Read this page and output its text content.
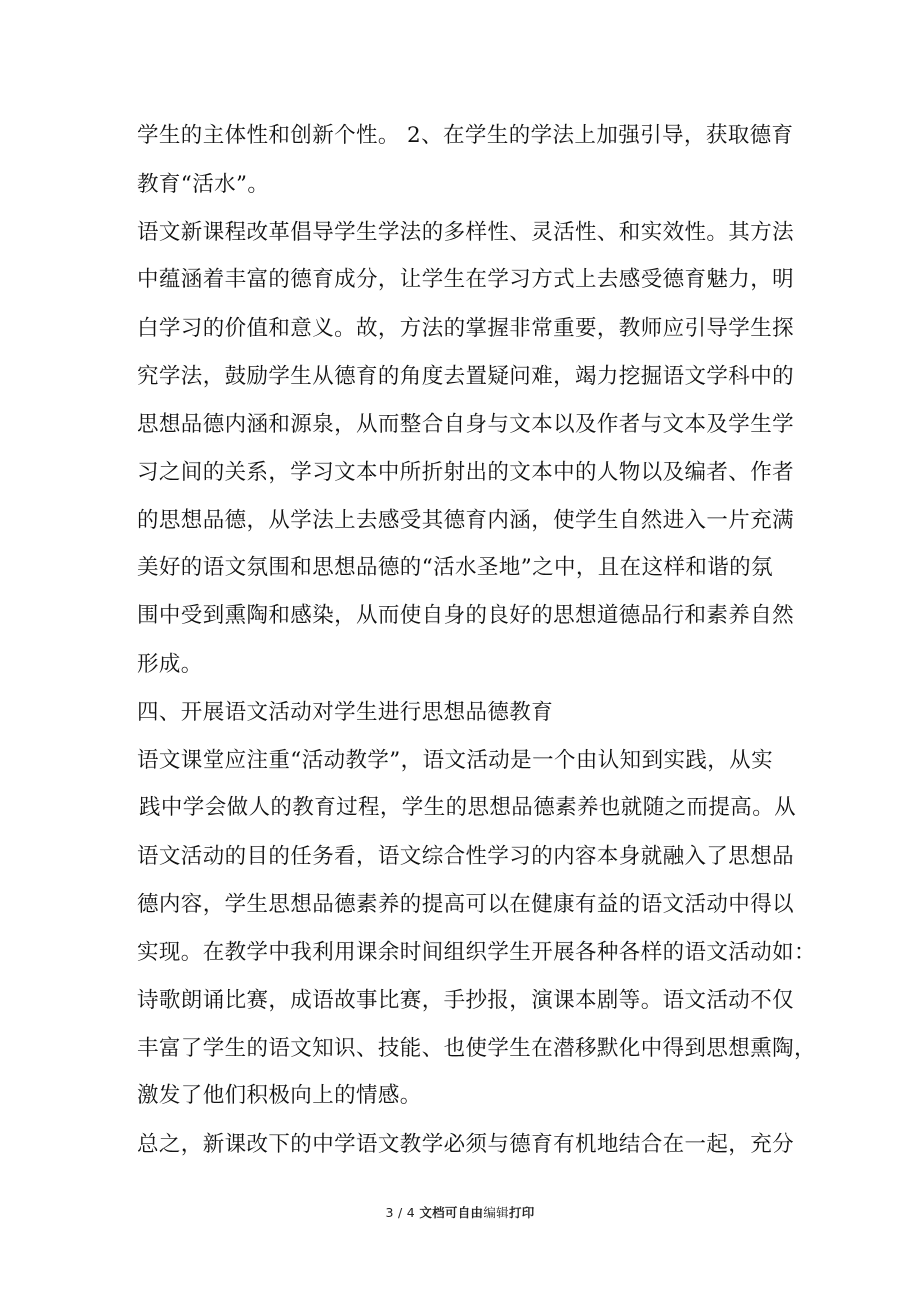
学生的主体性和创新个性。 2、在学生的学法上加强引导，获取德育
教育“活水”。
语文新课程改革倡导学生学法的多样性、灵活性、和实效性。其方法
中蕴涵着丰富的德育成分，让学生在学习方式上去感受德育魅力，明
白学习的价值和意义。故，方法的掌握非常重要，教师应引导学生探
究学法，鼓励学生从德育的角度去置疑问难，竭力挖掘语文学科中的
思想品德内涵和源泉，从而整合自身与文本以及作者与文本及学生学
习之间的关系，学习文本中所折射出的文本中的人物以及编者、作者
的思想品德，从学法上去感受其德育内涵，使学生自然进入一片充满
美好的语文氛围和思想品德的“活水圣地”之中，且在这样和谐的氛
围中受到熏陶和感染，从而使自身的良好的思想道德品行和素养自然
形成。
四、开展语文活动对学生进行思想品德教育
语文课堂应注重“活动教学”，语文活动是一个由认知到实践，从实
践中学会做人的教育过程，学生的思想品德素养也就随之而提高。从
语文活动的目的任务看，语文综合性学习的内容本身就融入了思想品
德内容，学生思想品德素养的提高可以在健康有益的语文活动中得以
实现。在教学中我利用课余时间组织学生开展各种各样的语文活动如：
诗歌朗诵比赛，成语故事比赛，手抄报，演课本剧等。语文活动不仅
丰富了学生的语文知识、技能、也使学生在潜移默化中得到思想熏陶，
激发了他们积极向上的情感。
总之，新课改下的中学语文教学必须与德育有机地结合在一起，充分
3 / 4 文档可自由编辑打印
